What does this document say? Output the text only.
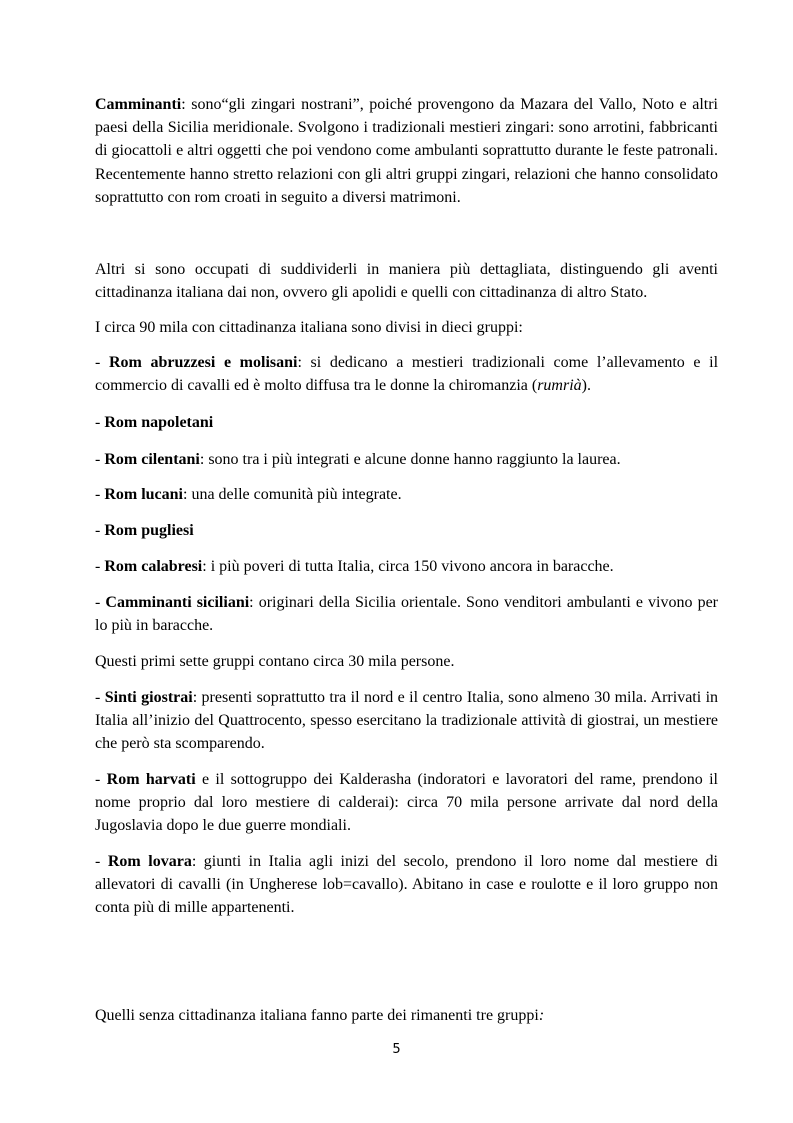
Camminanti: sono“gli zingari nostrani”, poiché provengono da Mazara del Vallo, Noto e altri paesi della Sicilia meridionale. Svolgono i tradizionali mestieri zingari: sono arrotini, fabbricanti di giocattoli e altri oggetti che poi vendono come ambulanti soprattutto durante le feste patronali. Recentemente hanno stretto relazioni con gli altri gruppi zingari, relazioni che hanno consolidato soprattutto con rom croati in seguito a diversi matrimoni.

Altri si sono occupati di suddividerli in maniera più dettagliata, distinguendo gli aventi cittadinanza italiana dai non, ovvero gli apolidi e quelli con cittadinanza di altro Stato.

I circa 90 mila con cittadinanza italiana sono divisi in dieci gruppi:

- Rom abruzzesi e molisani: si dedicano a mestieri tradizionali come l’allevamento e il commercio di cavalli ed è molto diffusa tra le donne la chiromanzia (rumrià).

- Rom napoletani

- Rom cilentani: sono tra i più integrati e alcune donne hanno raggiunto la laurea.

- Rom lucani: una delle comunità più integrate.

- Rom pugliesi

- Rom calabresi: i più poveri di tutta Italia, circa 150 vivono ancora in baracche.

- Camminanti siciliani: originari della Sicilia orientale. Sono venditori ambulanti e vivono per lo più in baracche.

Questi primi sette gruppi contano circa 30 mila persone.

- Sinti giostrai: presenti soprattutto tra il nord e il centro Italia, sono almeno 30 mila. Arrivati in Italia all’inizio del Quattrocento, spesso esercitano la tradizionale attività di giostrai, un mestiere che però sta scomparendo.

- Rom harvati e il sottogruppo dei Kalderasha (indoratori e lavoratori del rame, prendono il nome proprio dal loro mestiere di calderai): circa 70 mila persone arrivate dal nord della Jugoslavia dopo le due guerre mondiali.

- Rom lovara: giunti in Italia agli inizi del secolo, prendono il loro nome dal mestiere di allevatori di cavalli (in Ungherese lob=cavallo). Abitano in case e roulotte e il loro gruppo non conta più di mille appartenenti.

Quelli senza cittadinanza italiana fanno parte dei rimanenti tre gruppi:

5
